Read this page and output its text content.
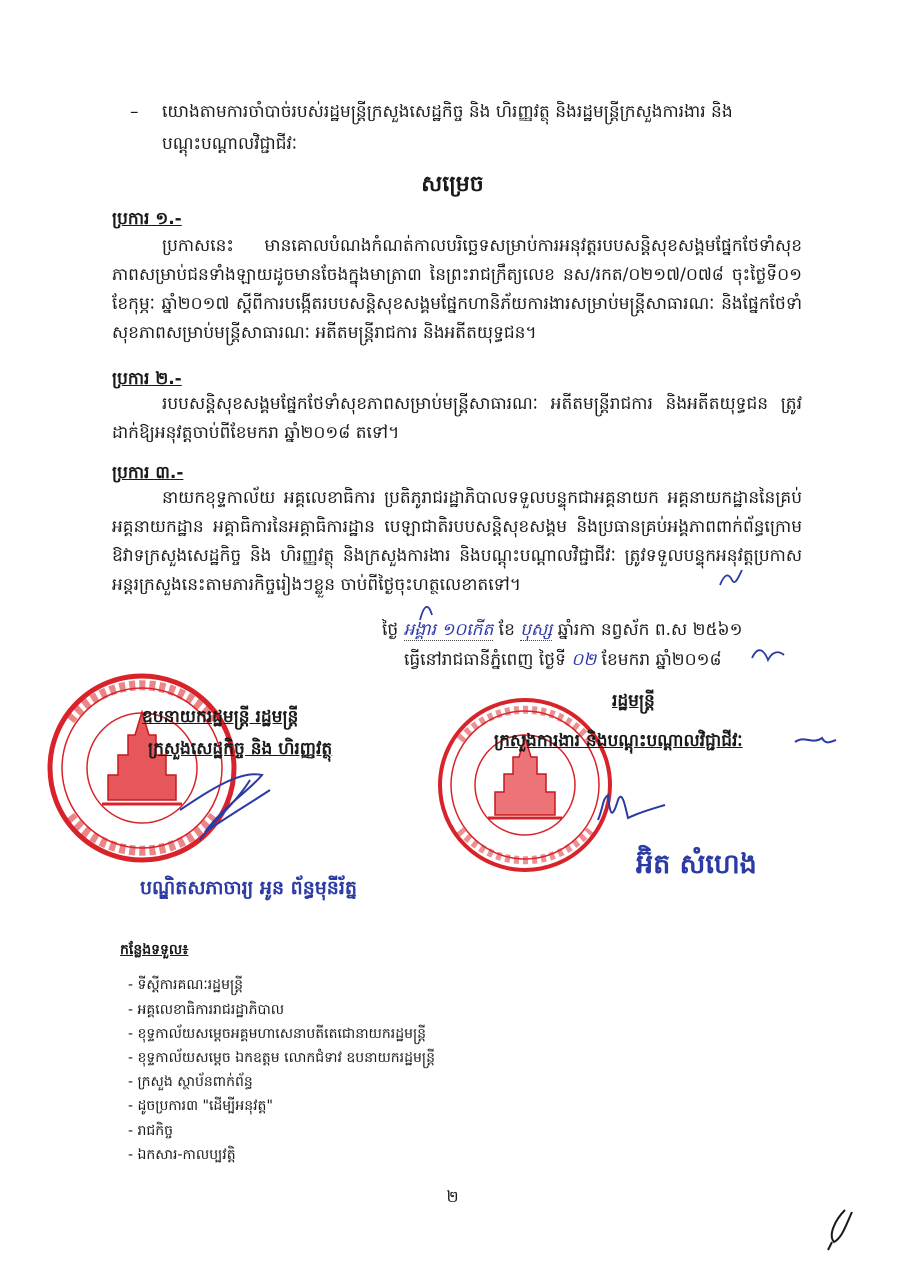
– យោងតាមការចាំបាច់របស់រដ្ឋមន្ត្រីក្រសួងសេដ្ឋកិច្ច និង ហិរញ្ញវត្ថុ និងរដ្ឋមន្ត្រីក្រសួងការងារ និង
បណ្តុះបណ្តាលវិជ្ជាជីវៈ
សម្រេច
ប្រការ ១.-
ប្រកាសនេះ មានគោលបំណងកំណត់កាលបរិច្ឆេទសម្រាប់ការអនុវត្តរបបសន្តិសុខសង្គមផ្នែកថែទាំសុខភាពសម្រាប់ជនទាំងឡាយដូចមានចែងក្នុងមាត្រា៣ នៃព្រះរាជក្រឹត្យលេខ នស/រកត/០២១៧/០៧៨ ចុះថ្ងៃទី០១ ខែកុម្ភៈ ឆ្នាំ២០១៧ ស្តីពីការបង្កើតរបបសន្តិសុខសង្គមផ្នែកហានិភ័យការងារសម្រាប់មន្ត្រីសាធារណៈ និងផ្នែកថែទាំសុខភាពសម្រាប់មន្ត្រីសាធារណៈ អតីតមន្ត្រីរាជការ និងអតីតយុទ្ធជន។
ប្រការ ២.-
របបសន្តិសុខសង្គមផ្នែកថែទាំសុខភាពសម្រាប់មន្ត្រីសាធារណៈ អតីតមន្ត្រីរាជការ និងអតីតយុទ្ធជន ត្រូវដាក់ឱ្យអនុវត្តចាប់ពីខែមករា ឆ្នាំ២០១៨ តទៅ។
ប្រការ ៣.-
នាយកខុទ្ទកាល័យ អគ្គលេខាធិការ ប្រតិភូរាជរដ្ឋាភិបាលទទួលបន្ទុកជាអគ្គនាយក អគ្គនាយកដ្ឋាននៃគ្រប់អគ្គនាយកដ្ឋាន អគ្គាធិការនៃអគ្គាធិការដ្ឋាន បេឡាជាតិរបបសន្តិសុខសង្គម និងប្រធានគ្រប់អង្គភាពពាក់ព័ន្ធក្រោមឱវាទក្រសួងសេដ្ឋកិច្ច និង ហិរញ្ញវត្ថុ និងក្រសួងការងារ និងបណ្តុះបណ្តាលវិជ្ជាជីវៈ ត្រូវទទួលបន្ទុកអនុវត្តប្រកាសអន្តរក្រសួងនេះតាមភារកិច្ចរៀងៗខ្លួន ចាប់ពីថ្ងៃចុះហត្ថលេខាតទៅ។
ថ្ងៃ អង្គារ ១០កើត ខែ បុស្ស ឆ្នាំរកា នព្វស័ក ព.ស ២៥៦១
ធ្វើនៅរាជធានីភ្នំពេញ ថ្ងៃទី ០២ ខែមករា ឆ្នាំ២០១៨
ឧបនាយករដ្ឋមន្ត្រី រដ្ឋមន្ត្រី
ក្រសួងសេដ្ឋកិច្ច និង ហិរញ្ញវត្ថុ
បណ្ឌិតសភាចារ្យ អូន ព័ន្ធមុនីរ័ត្ន
រដ្ឋមន្ត្រី
ក្រសួងការងារ និងបណ្តុះបណ្តាលវិជ្ជាជីវៈ
អ៊ិត សំហេង
កន្លែងទទួល៖
- ទីស្តីការគណៈរដ្ឋមន្ត្រី
- អគ្គលេខាធិការរាជរដ្ឋាភិបាល
- ខុទ្ទកាល័យសម្តេចអគ្គមហាសេនាបតីតេជោនាយករដ្ឋមន្ត្រី
- ខុទ្ទកាល័យសម្តេច ឯកឧត្តម លោកជំទាវ ឧបនាយករដ្ឋមន្ត្រី
- ក្រសួង ស្ថាប័នពាក់ព័ន្ធ
- ដូចប្រការ៣ "ដើម្បីអនុវត្ត"
- រាជកិច្ច
- ឯកសារ-កាលប្បវត្តិ
២
